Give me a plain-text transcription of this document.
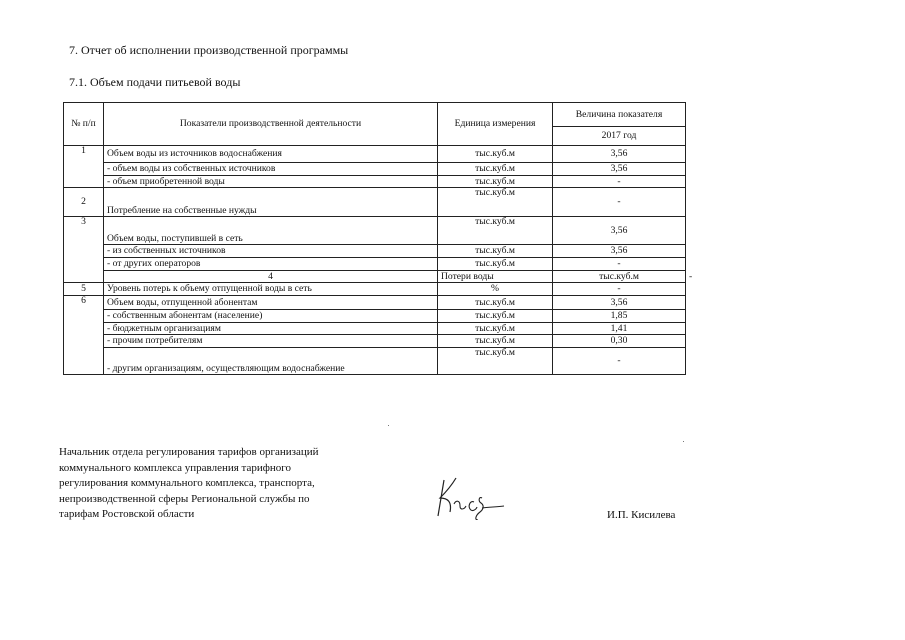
7. Отчет об исполнении производственной программы
7.1. Объем подачи питьевой воды
№ п/п	Показатели производственной деятельности	Единица измерения	Величина показателя	
			2017 год	
1	Объем воды из источников водоснабжения	тыс.куб.м	3,56	
	- объем воды из собственных источников	тыс.куб.м	3,56	
	- объем приобретенной воды	тыс.куб.м	-	
2	Потребление на собственные нужды	тыс.куб.м	-	
3	Объем воды, поступившей в сеть	тыс.куб.м	3,56	
	- из собственных источников	тыс.куб.м	3,56	
	- от других операторов	тыс.куб.м	-	
	4	Потери воды	тыс.куб.м	-
5	Уровень потерь к объему отпущенной воды в сеть	%	-	
6	Объем воды, отпущенной абонентам	тыс.куб.м	3,56	
	- собственным абонентам (население)	тыс.куб.м	1,85	
	- бюджетным организациям	тыс.куб.м	1,41	
	- прочим потребителям	тыс.куб.м	0,30	
	- другим организациям, осуществляющим водоснабжение	тыс.куб.м	-	
Начальник отдела регулирования тарифов организаций
коммунального комплекса управления тарифного
регулирования коммунального комплекса, транспорта,
непроизводственной сферы Региональной службы по
тарифам Ростовской области	И.П. Кисилева
